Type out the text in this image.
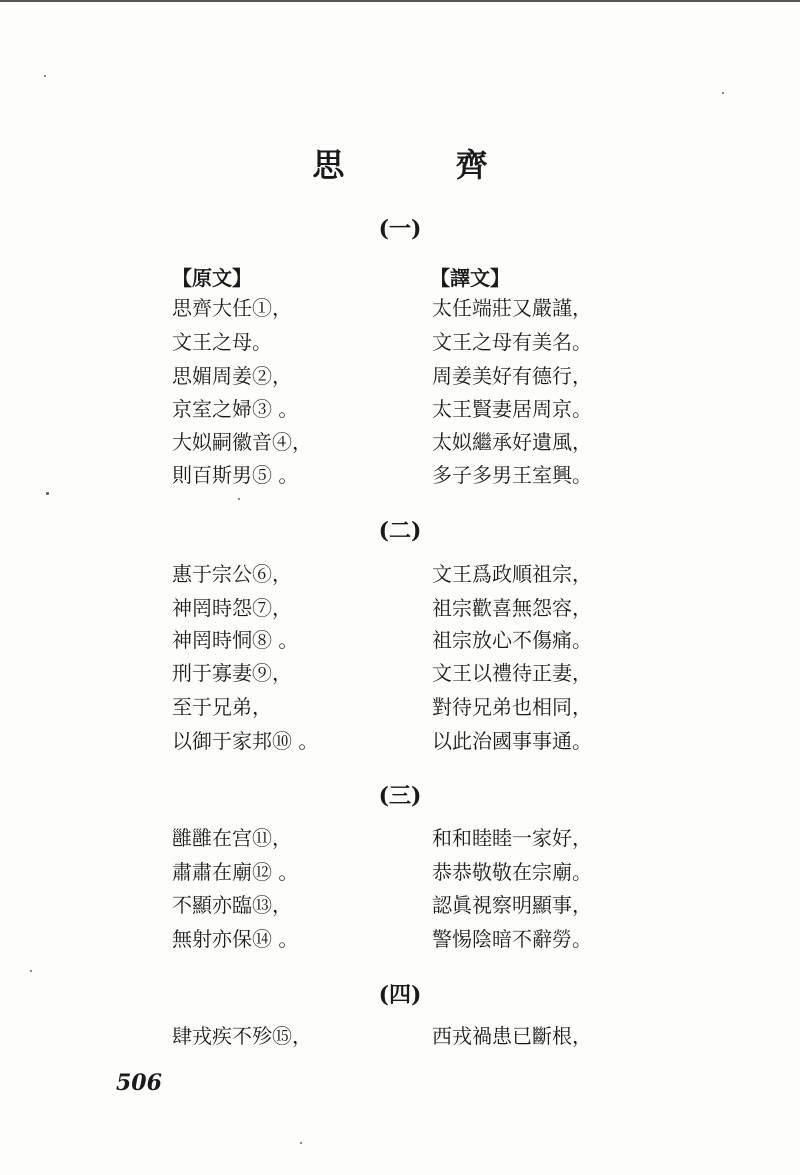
思 齊
(一)
【原文】	【譯文】
思齊大任①，
文王之母。
思媚周姜②，
京室之婦③ 。
大姒嗣徽音④，
則百斯男⑤ 。
太任端莊又嚴謹，
文王之母有美名。
周姜美好有德行，
太王賢妻居周京。
太姒繼承好遺風，
多子多男王室興。
(二)
惠于宗公⑥，
神罔時怨⑦，
神罔時恫⑧ 。
刑于寡妻⑨，
至于兄弟，
以御于家邦⑩ 。
文王爲政順祖宗，
祖宗歡喜無怨容，
祖宗放心不傷痛。
文王以禮待正妻，
對待兄弟也相同，
以此治國事事通。
(三)
雝雝在宫⑪，
肅肅在廟⑫ 。
不顯亦臨⑬，
無射亦保⑭ 。
和和睦睦一家好，
恭恭敬敬在宗廟。
認眞視察明顯事，
警惕陰暗不辭勞。
(四)
肆戎疾不殄⑮，	西戎禍患已斷根，
506
